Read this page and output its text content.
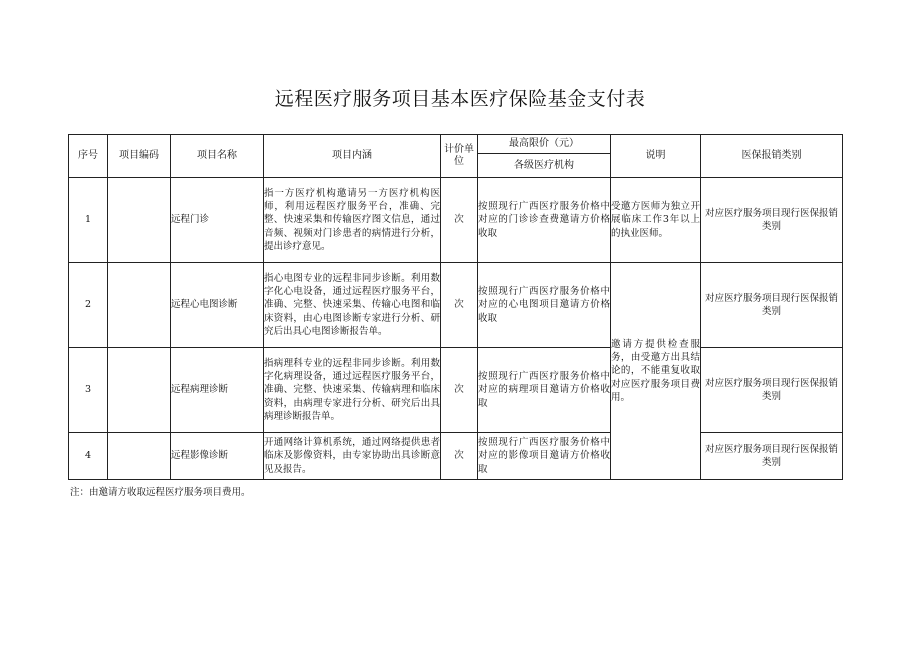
远程医疗服务项目基本医疗保险基金支付表
序号	项目编码	项目名称	项目内涵	计价单位	最高限价（元）	说明	医保报销类别
					各级医疗机构		
1		远程门诊	指一方医疗机构邀请另一方医疗机构医师，利用远程医疗服务平台，准确、完整、快速采集和传输医疗图文信息，通过音频、视频对门诊患者的病情进行分析，提出诊疗意见。	次	按照现行广西医疗服务价格中对应的门诊诊查费邀请方价格收取	受邀方医师为独立开展临床工作3年以上的执业医师。	对应医疗服务项目现行医保报销类别
2		远程心电图诊断	指心电图专业的远程非同步诊断。利用数字化心电设备，通过远程医疗服务平台，准确、完整、快速采集、传输心电图和临床资料，由心电图诊断专家进行分析、研究后出具心电图诊断报告单。	次	按照现行广西医疗服务价格中对应的心电图项目邀请方价格收取	邀请方提供检查服务，由受邀方出具结论的，不能重复收取对应医疗服务项目费用。	对应医疗服务项目现行医保报销类别
3		远程病理诊断	指病理科专业的远程非同步诊断。利用数字化病理设备，通过远程医疗服务平台，准确、完整、快速采集、传输病理和临床资料，由病理专家进行分析、研究后出具病理诊断报告单。	次	按照现行广西医疗服务价格中对应的病理项目邀请方价格收取		对应医疗服务项目现行医保报销类别
4		远程影像诊断	开通网络计算机系统，通过网络提供患者临床及影像资料，由专家协助出具诊断意见及报告。	次	按照现行广西医疗服务价格中对应的影像项目邀请方价格收取		对应医疗服务项目现行医保报销类别
注：由邀请方收取远程医疗服务项目费用。
